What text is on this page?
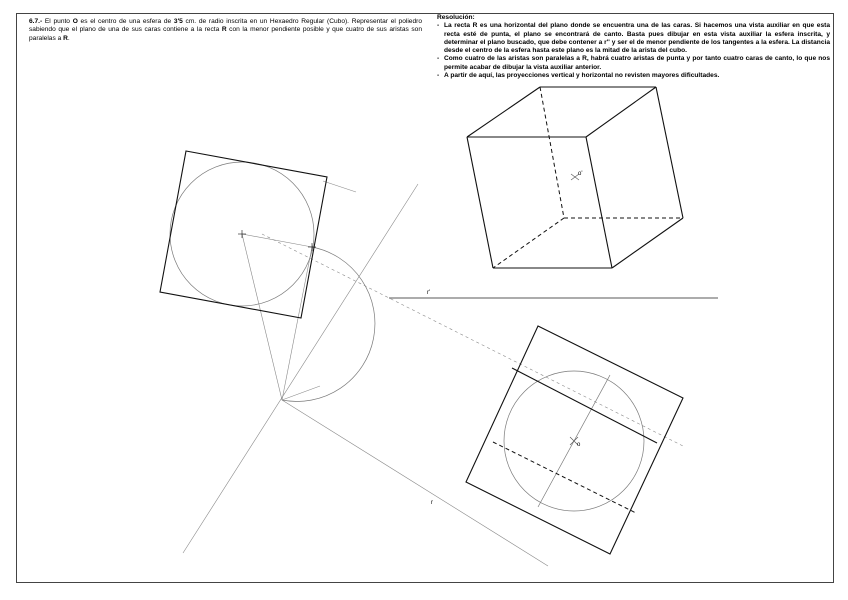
6.7.- El punto O es el centro de una esfera de 3'5 cm. de radio inscrita en un Hexaedro Regular (Cubo). Representar el poliedro sabiendo que el plano de una de sus caras contiene a la recta R con la menor pendiente posible y que cuatro de sus aristas son paralelas a R.
Resolución:
- La recta R es una horizontal del plano donde se encuentra una de las caras. Si hacemos una vista auxiliar en que esta recta esté de punta, el plano se encontrará de canto. Basta pues dibujar en esta vista auxiliar la esfera inscrita, y determinar el plano buscado, que debe contener a r'' y ser el de menor pendiente de los tangentes a la esfera. La distancia desde el centro de la esfera hasta este plano es la mitad de la arista del cubo.
- Como cuatro de las aristas son paralelas a R, habrá cuatro aristas de punta y por tanto cuatro caras de canto, lo que nos permite acabar de dibujar la vista auxiliar anterior.
- A partir de aquí, las proyecciones vertical y horizontal no revisten mayores dificultades.
o'
r'
o
r
